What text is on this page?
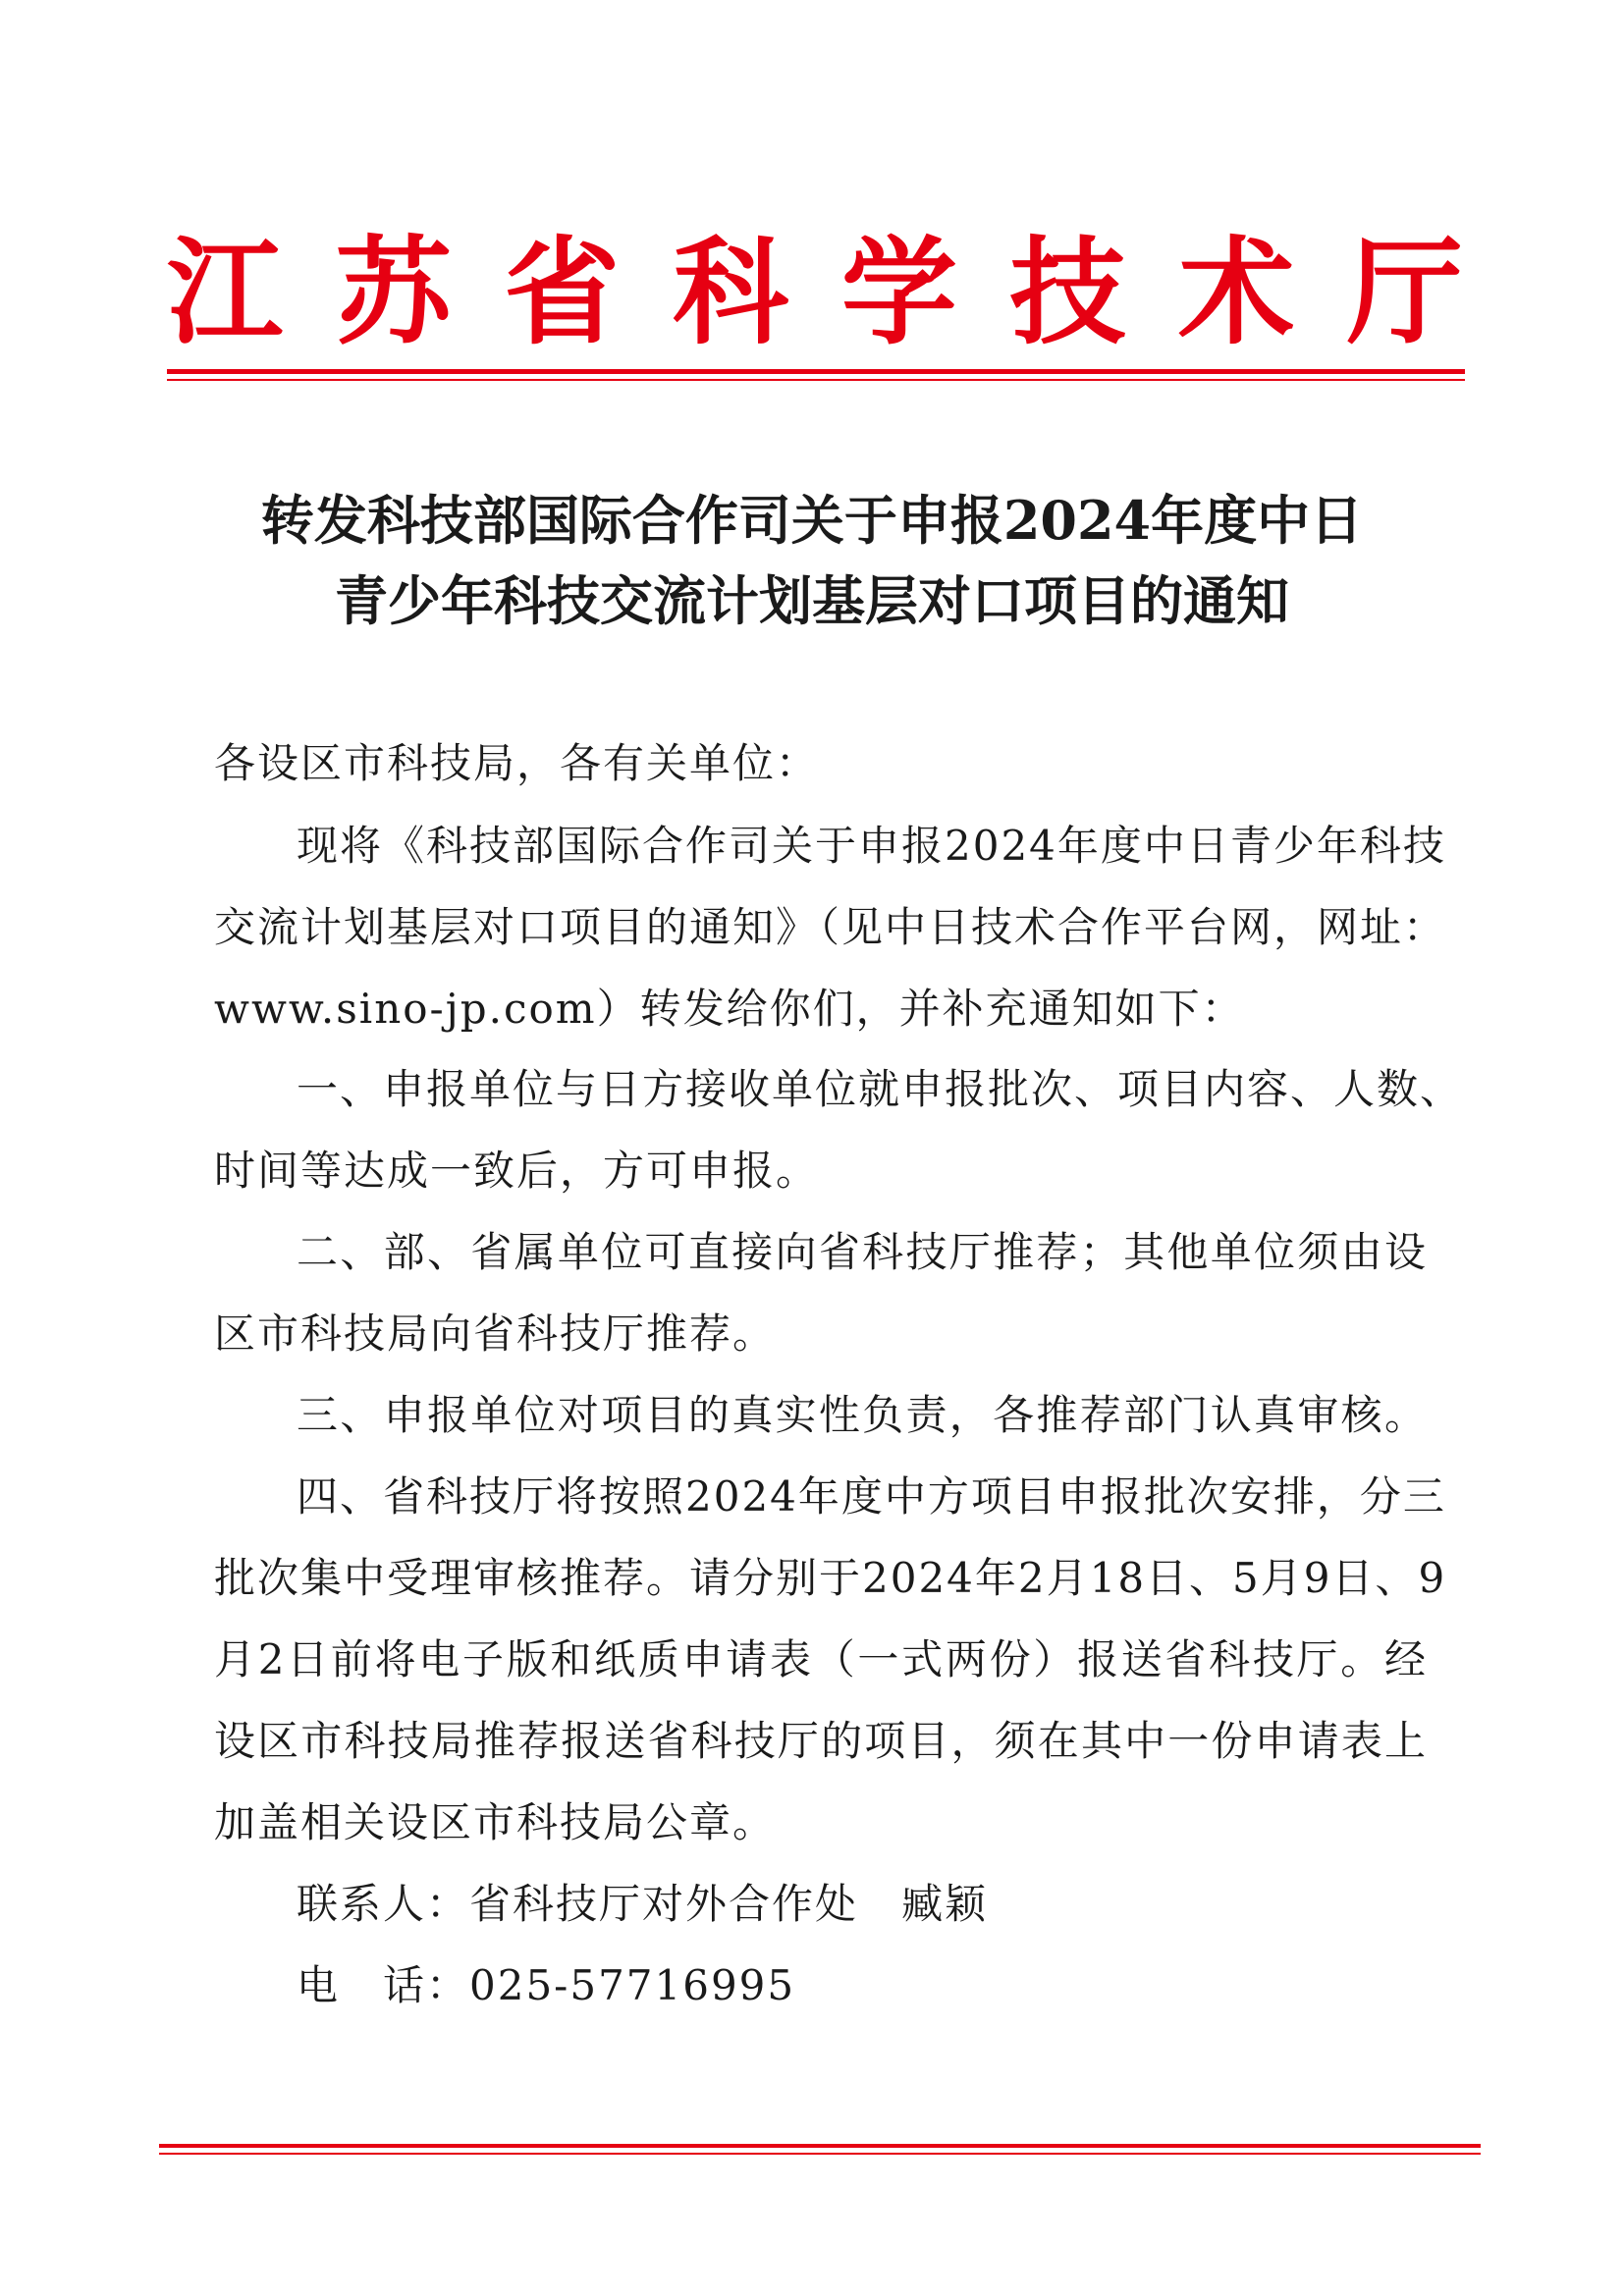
江 苏 省 科 学 技 术 厅
转发科技部国际合作司关于申报2024年度中日
青少年科技交流计划基层对口项目的通知
各设区市科技局，各有关单位：
现将《科技部国际合作司关于申报2024年度中日青少年科技
交流计划基层对口项目的通知》（见中日技术合作平台网，网址：
www.sino-jp.com）转发给你们，并补充通知如下：
一、申报单位与日方接收单位就申报批次、项目内容、人数、
时间等达成一致后，方可申报。
二、部、省属单位可直接向省科技厅推荐；其他单位须由设
区市科技局向省科技厅推荐。
三、申报单位对项目的真实性负责，各推荐部门认真审核。
四、省科技厅将按照2024年度中方项目申报批次安排，分三
批次集中受理审核推荐。请分别于2024年2月18日、5月9日、9
月2日前将电子版和纸质申请表（一式两份）报送省科技厅。经
设区市科技局推荐报送省科技厅的项目，须在其中一份申请表上
加盖相关设区市科技局公章。
联系人：省科技厅对外合作处　臧颖
电　话：025-57716995
